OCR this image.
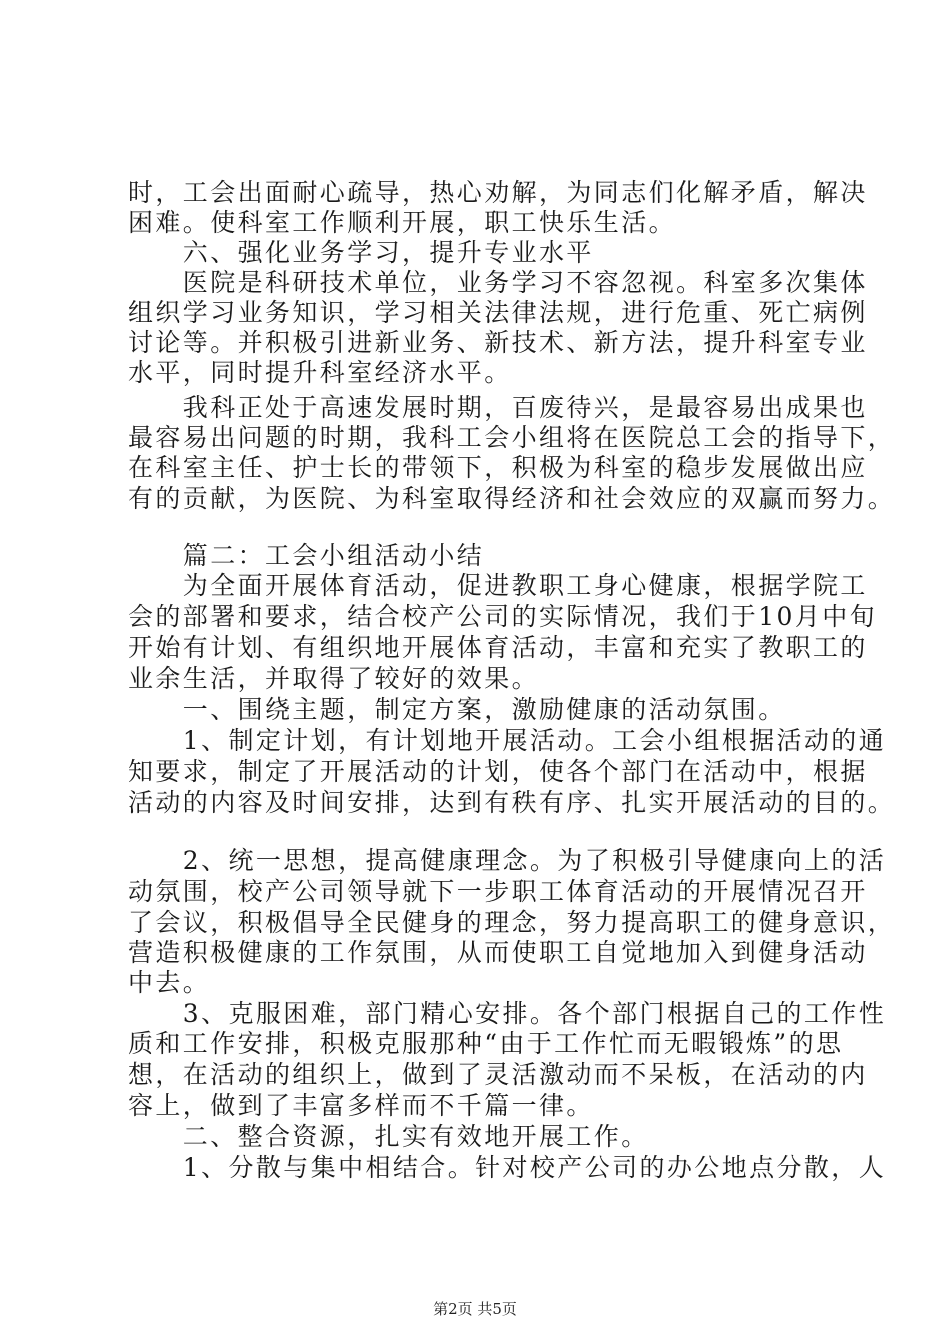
时，工会出面耐心疏导，热心劝解，为同志们化解矛盾，解决
困难。使科室工作顺利开展，职工快乐生活。
　　六、强化业务学习，提升专业水平
　　医院是科研技术单位，业务学习不容忽视。科室多次集体
组织学习业务知识，学习相关法律法规，进行危重、死亡病例
讨论等。并积极引进新业务、新技术、新方法，提升科室专业
水平，同时提升科室经济水平。
　　我科正处于高速发展时期，百废待兴，是最容易出成果也
最容易出问题的时期，我科工会小组将在医院总工会的指导下，
在科室主任、护士长的带领下，积极为科室的稳步发展做出应
有的贡献，为医院、为科室取得经济和社会效应的双赢而努力。
　　篇二：工会小组活动小结
　　为全面开展体育活动，促进教职工身心健康，根据学院工
会的部署和要求，结合校产公司的实际情况，我们于10月中旬
开始有计划、有组织地开展体育活动，丰富和充实了教职工的
业余生活，并取得了较好的效果。
　　一、围绕主题，制定方案，激励健康的活动氛围。
　　1、制定计划，有计划地开展活动。工会小组根据活动的通
知要求，制定了开展活动的计划，使各个部门在活动中，根据
活动的内容及时间安排，达到有秩有序、扎实开展活动的目的。
　　2、统一思想，提高健康理念。为了积极引导健康向上的活
动氛围，校产公司领导就下一步职工体育活动的开展情况召开
了会议，积极倡导全民健身的理念，努力提高职工的健身意识，
营造积极健康的工作氛围，从而使职工自觉地加入到健身活动
中去。
　　3、克服困难，部门精心安排。各个部门根据自己的工作性
质和工作安排，积极克服那种“由于工作忙而无暇锻炼”的思
想，在活动的组织上，做到了灵活激动而不呆板，在活动的内
容上，做到了丰富多样而不千篇一律。
　　二、整合资源，扎实有效地开展工作。
　　1、分散与集中相结合。针对校产公司的办公地点分散，人
第2页 共5页
